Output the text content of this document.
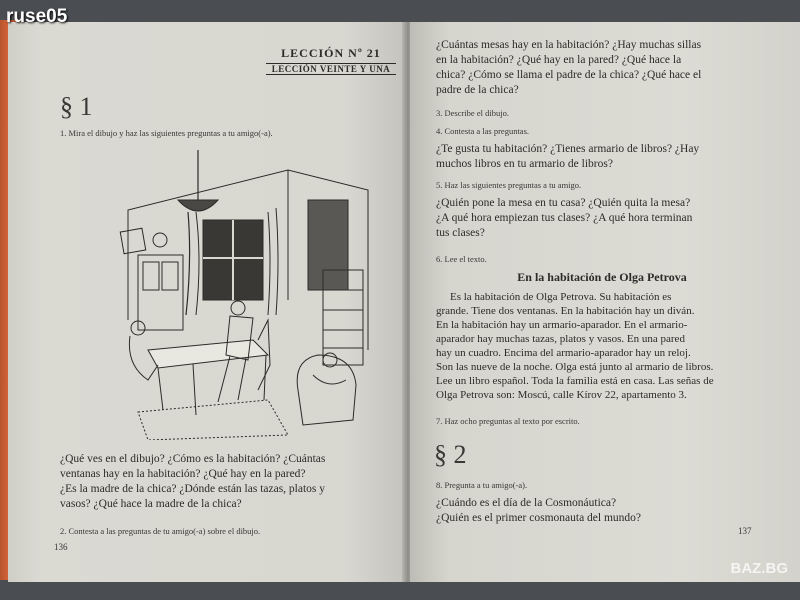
ruse05
LECCIÓN Nº 21
LECCIÓN VEINTE Y UNA
§ 1
1. Mira el dibujo y haz las siguientes preguntas a tu amigo(-a).
¿Qué ves en el dibujo? ¿Cómo es la habitación? ¿Cuántas
ventanas hay en la habitación? ¿Qué hay en la pared?
¿Es la madre de la chica? ¿Dónde están las tazas, platos y
vasos? ¿Qué hace la madre de la chica?
2. Contesta a las preguntas de tu amigo(-a) sobre el dibujo.
136
¿Cuántas mesas hay en la habitación? ¿Hay muchas sillas
en la habitación? ¿Qué hay en la pared? ¿Qué hace la
chica? ¿Cómo se llama el padre de la chica? ¿Qué hace el
padre de la chica?
3. Describe el dibujo.
4. Contesta a las preguntas.
¿Te gusta tu habitación? ¿Tienes armario de libros? ¿Hay
muchos libros en tu armario de libros?
5. Haz las siguientes preguntas a tu amigo.
¿Quién pone la mesa en tu casa? ¿Quién quita la mesa?
¿A qué hora empiezan tus clases? ¿A qué hora terminan
tus clases?
6. Lee el texto.
En la habitación de Olga Petrova
Es la habitación de Olga Petrova. Su habitación es
grande. Tiene dos ventanas. En la habitación hay un diván.
En la habitación hay un armario-aparador. En el armario-
aparador hay muchas tazas, platos y vasos. En una pared
hay un cuadro. Encima del armario-aparador hay un reloj.
Son las nueve de la noche. Olga está junto al armario de libros.
Lee un libro español. Toda la familia está en casa. Las señas de
Olga Petrova son: Moscú, calle Kírov 22, apartamento 3.
7. Haz ocho preguntas al texto por escrito.
§ 2
8. Pregunta a tu amigo(-a).
¿Cuándo es el día de la Cosmonáutica?
¿Quién es el primer cosmonauta del mundo?
137
BAZ.BG
